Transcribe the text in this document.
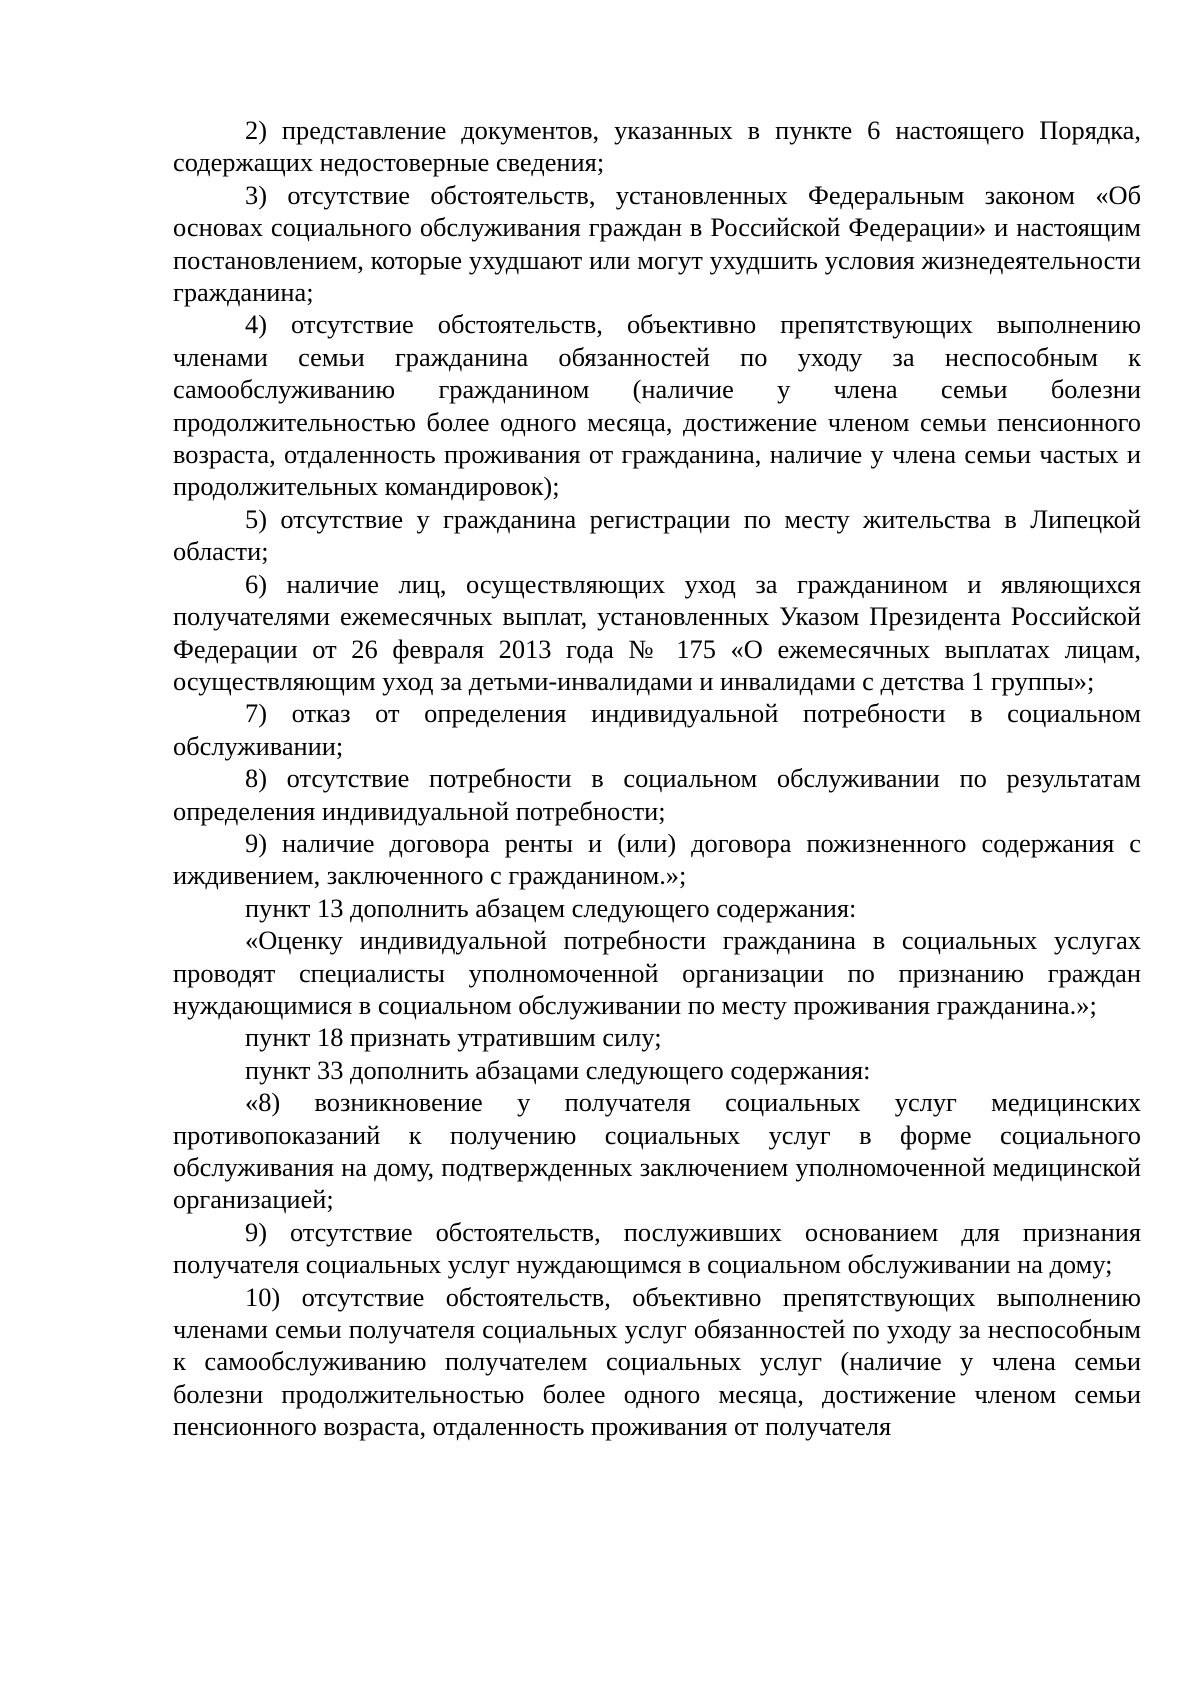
2) представление документов, указанных в пункте 6 настоящего Порядка, содержащих недостоверные сведения;

3) отсутствие обстоятельств, установленных Федеральным законом «Об основах социального обслуживания граждан в Российской Федерации» и настоящим постановлением, которые ухудшают или могут ухудшить условия жизнедеятельности гражданина;

4) отсутствие обстоятельств, объективно препятствующих выполнению членами семьи гражданина обязанностей по уходу за неспособным к самообслуживанию гражданином (наличие у члена семьи болезни продолжительностью более одного месяца, достижение членом семьи пенсионного возраста, отдаленность проживания от гражданина, наличие у члена семьи частых и продолжительных командировок);

5) отсутствие у гражданина регистрации по месту жительства в Липецкой области;

6) наличие лиц, осуществляющих уход за гражданином и являющихся получателями ежемесячных выплат, установленных Указом Президента Российской Федерации от 26 февраля 2013 года № 175 «О ежемесячных выплатах лицам, осуществляющим уход за детьми-инвалидами и инвалидами с детства 1 группы»;

7) отказ от определения индивидуальной потребности в социальном обслуживании;

8) отсутствие потребности в социальном обслуживании по результатам определения индивидуальной потребности;

9) наличие договора ренты и (или) договора пожизненного содержания с иждивением, заключенного с гражданином.»;

пункт 13 дополнить абзацем следующего содержания:

«Оценку индивидуальной потребности гражданина в социальных услугах проводят специалисты уполномоченной организации по признанию граждан нуждающимися в социальном обслуживании по месту проживания гражданина.»;

пункт 18 признать утратившим силу;

пункт 33 дополнить абзацами следующего содержания:

«8) возникновение у получателя социальных услуг медицинских противопоказаний к получению социальных услуг в форме социального обслуживания на дому, подтвержденных заключением уполномоченной медицинской организацией;

9) отсутствие обстоятельств, послуживших основанием для признания получателя социальных услуг нуждающимся в социальном обслуживании на дому;

10) отсутствие обстоятельств, объективно препятствующих выполнению членами семьи получателя социальных услуг обязанностей по уходу за неспособным к самообслуживанию получателем социальных услуг (наличие у члена семьи болезни продолжительностью более одного месяца, достижение членом семьи пенсионного возраста, отдаленность проживания от получателя
